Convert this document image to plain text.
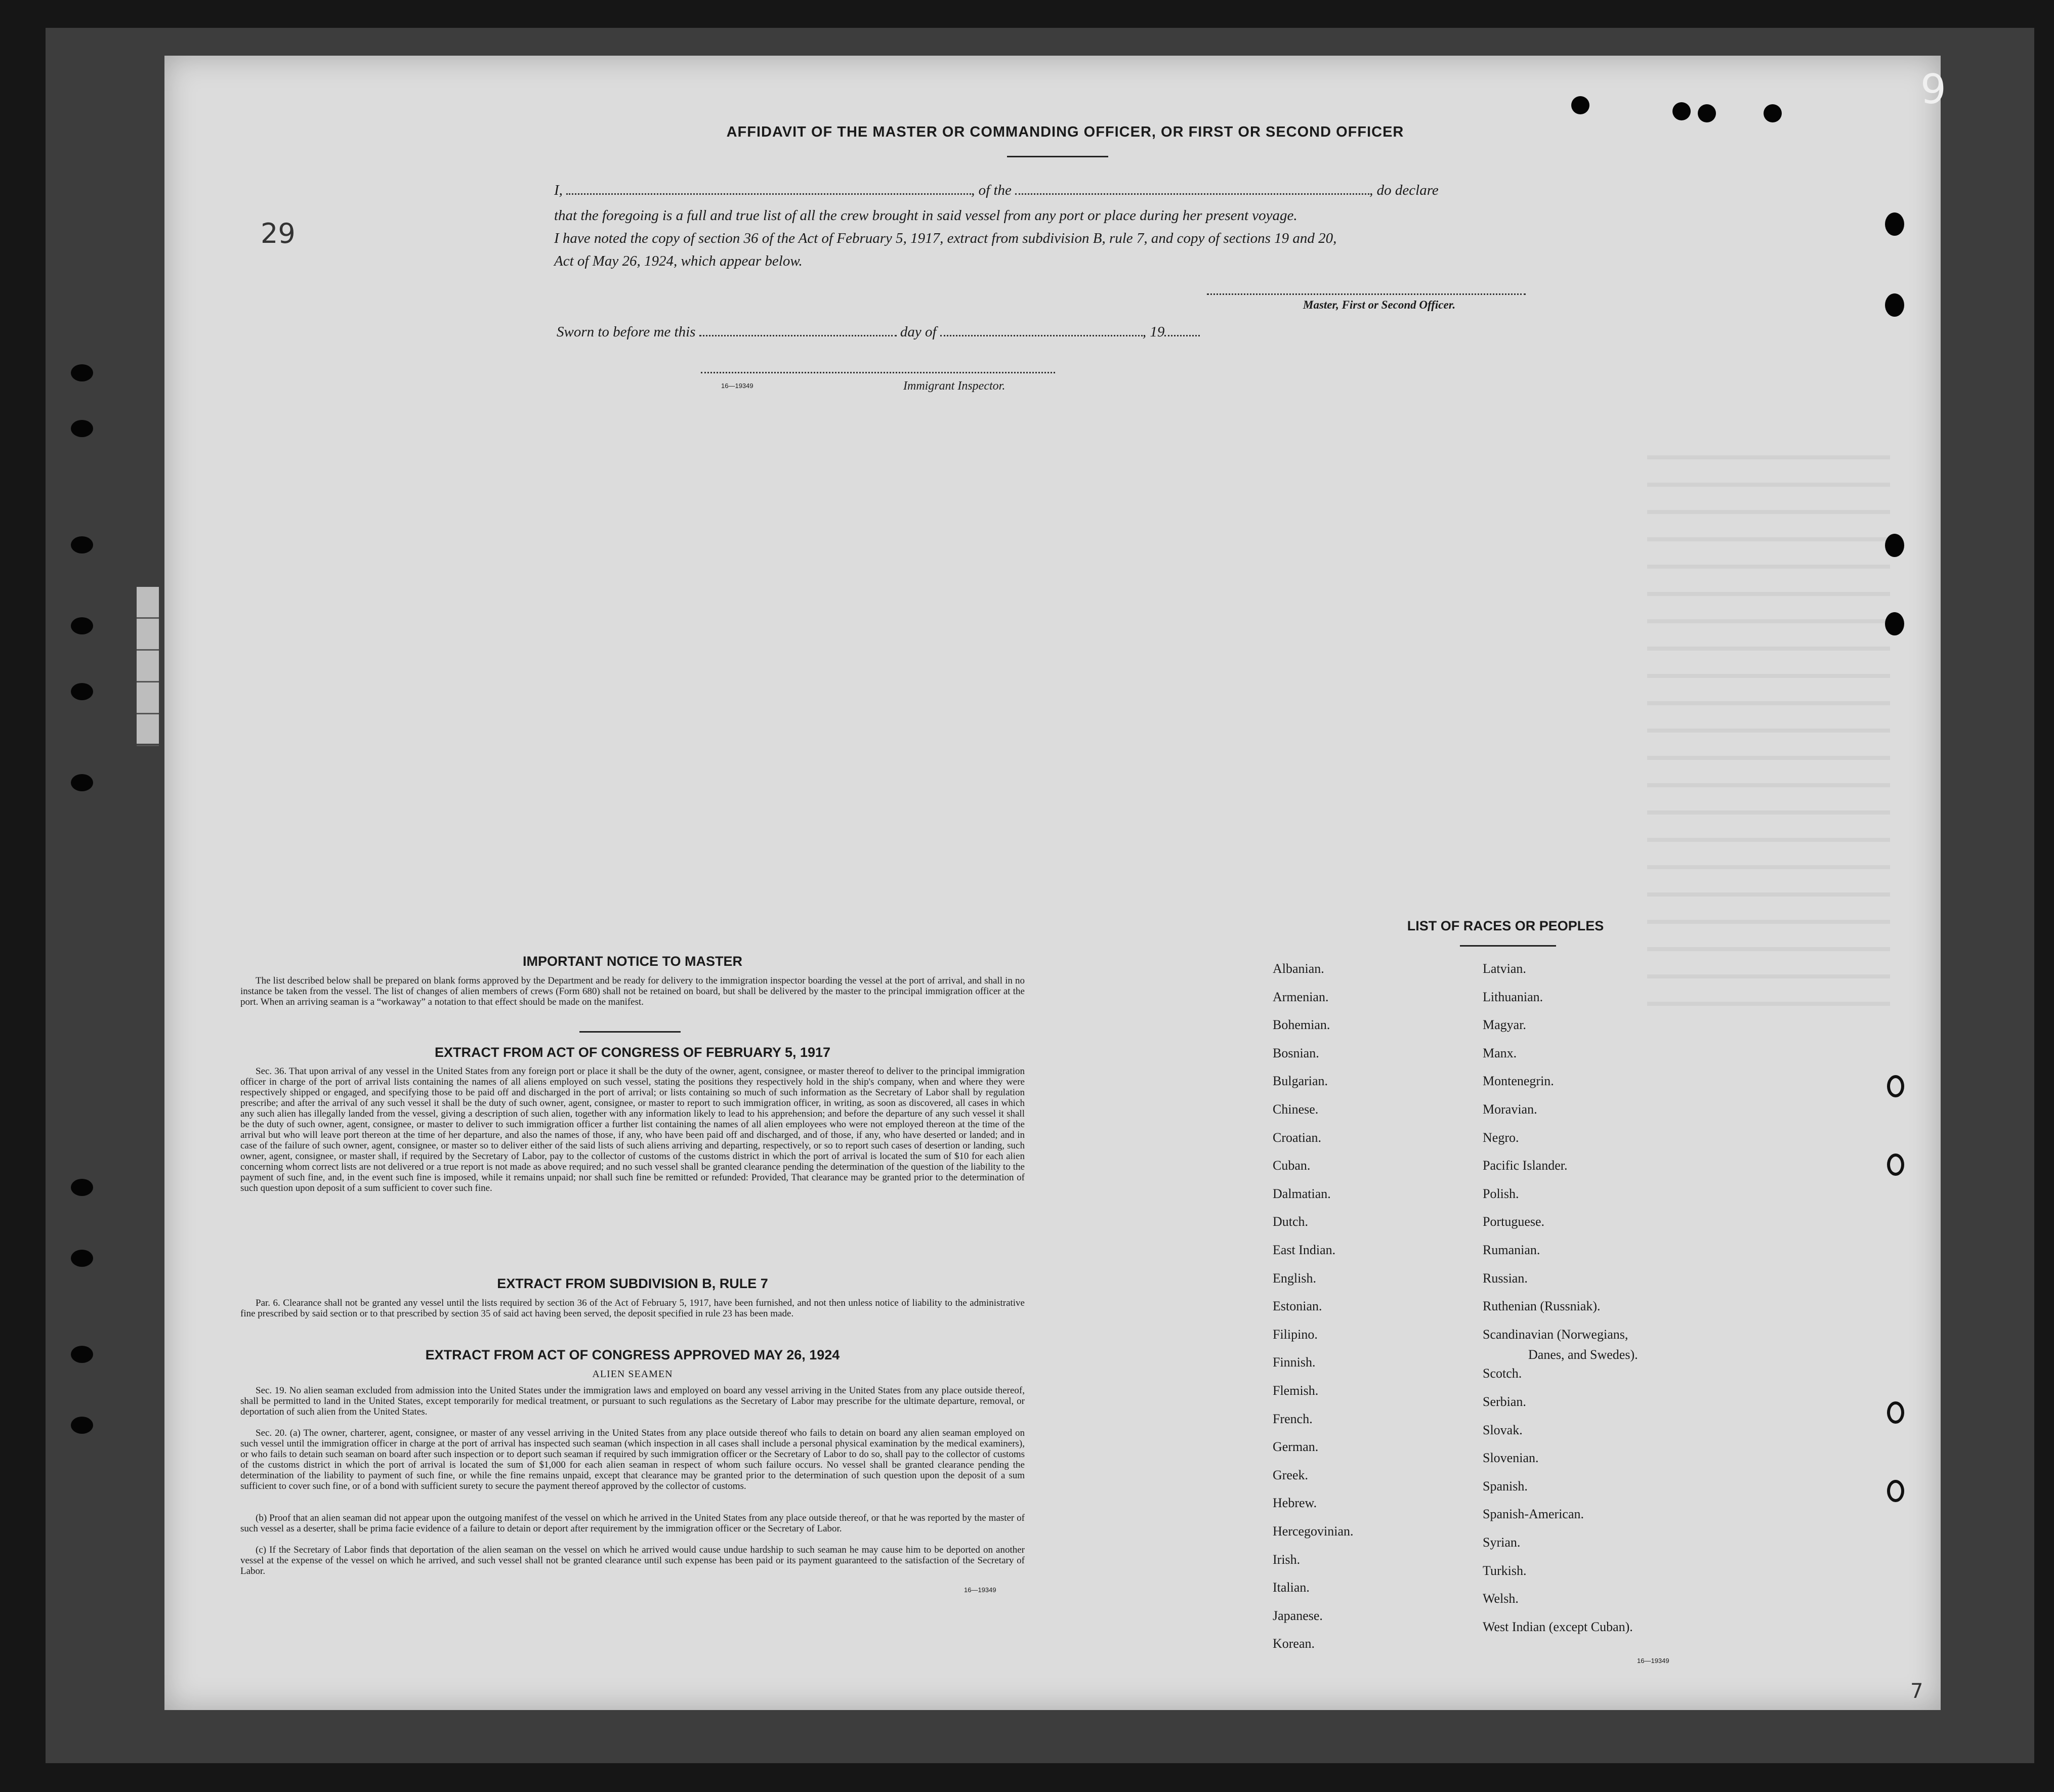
29
9
7
AFFIDAVIT OF THE MASTER OR COMMANDING OFFICER, OR FIRST OR SECOND OFFICER
I,	, of the	, do declare
that the foregoing is a full and true list of all the crew brought in said vessel from any port or place during her present voyage.
I have noted the copy of section 36 of the Act of February 5, 1917, extract from subdivision B, rule 7, and copy of sections 19 and 20,
Act of May 26, 1924, which appear below.
Master, First or Second Officer.
Sworn to before me this	day of	, 19
16—19349	Immigrant Inspector.
IMPORTANT NOTICE TO MASTER
The list described below shall be prepared on blank forms approved by the Department and be ready for delivery to the immigration inspector boarding the vessel at the port of arrival, and shall in no instance be taken from the vessel. The list of changes of alien members of crews (Form 680) shall not be retained on board, but shall be delivered by the master to the principal immigration officer at the port. When an arriving seaman is a “workaway” a notation to that effect should be made on the manifest.
EXTRACT FROM ACT OF CONGRESS OF FEBRUARY 5, 1917
Sec. 36. That upon arrival of any vessel in the United States from any foreign port or place it shall be the duty of the owner, agent, consignee, or master thereof to deliver to the principal immigration officer in charge of the port of arrival lists containing the names of all aliens employed on such vessel, stating the positions they respectively hold in the ship's company, when and where they were respectively shipped or engaged, and specifying those to be paid off and discharged in the port of arrival; or lists containing so much of such information as the Secretary of Labor shall by regulation prescribe; and after the arrival of any such vessel it shall be the duty of such owner, agent, consignee, or master to report to such immigration officer, in writing, as soon as discovered, all cases in which any such alien has illegally landed from the vessel, giving a description of such alien, together with any information likely to lead to his apprehension; and before the departure of any such vessel it shall be the duty of such owner, agent, consignee, or master to deliver to such immigration officer a further list containing the names of all alien employees who were not employed thereon at the time of the arrival but who will leave port thereon at the time of her departure, and also the names of those, if any, who have been paid off and discharged, and of those, if any, who have deserted or landed; and in case of the failure of such owner, agent, consignee, or master so to deliver either of the said lists of such aliens arriving and departing, respectively, or so to report such cases of desertion or landing, such owner, agent, consignee, or master shall, if required by the Secretary of Labor, pay to the collector of customs of the customs district in which the port of arrival is located the sum of $10 for each alien concerning whom correct lists are not delivered or a true report is not made as above required; and no such vessel shall be granted clearance pending the determination of the question of the liability to the payment of such fine, and, in the event such fine is imposed, while it remains unpaid; nor shall such fine be remitted or refunded: Provided, That clearance may be granted prior to the determination of such question upon deposit of a sum sufficient to cover such fine.
EXTRACT FROM SUBDIVISION B, RULE 7
Par. 6. Clearance shall not be granted any vessel until the lists required by section 36 of the Act of February 5, 1917, have been furnished, and not then unless notice of liability to the administrative fine prescribed by said section or to that prescribed by section 35 of said act having been served, the deposit specified in rule 23 has been made.
EXTRACT FROM ACT OF CONGRESS APPROVED MAY 26, 1924
ALIEN SEAMEN
Sec. 19. No alien seaman excluded from admission into the United States under the immigration laws and employed on board any vessel arriving in the United States from any place outside thereof, shall be permitted to land in the United States, except temporarily for medical treatment, or pursuant to such regulations as the Secretary of Labor may prescribe for the ultimate departure, removal, or deportation of such alien from the United States.
Sec. 20. (a) The owner, charterer, agent, consignee, or master of any vessel arriving in the United States from any place outside thereof who fails to detain on board any alien seaman employed on such vessel until the immigration officer in charge at the port of arrival has inspected such seaman (which inspection in all cases shall include a personal physical examination by the medical examiners), or who fails to detain such seaman on board after such inspection or to deport such seaman if required by such immigration officer or the Secretary of Labor to do so, shall pay to the collector of customs of the customs district in which the port of arrival is located the sum of $1,000 for each alien seaman in respect of whom such failure occurs. No vessel shall be granted clearance pending the determination of the liability to payment of such fine, or while the fine remains unpaid, except that clearance may be granted prior to the determination of such question upon the deposit of a sum sufficient to cover such fine, or of a bond with sufficient surety to secure the payment thereof approved by the collector of customs.
(b) Proof that an alien seaman did not appear upon the outgoing manifest of the vessel on which he arrived in the United States from any place outside thereof, or that he was reported by the master of such vessel as a deserter, shall be prima facie evidence of a failure to detain or deport after requirement by the immigration officer or the Secretary of Labor.
(c) If the Secretary of Labor finds that deportation of the alien seaman on the vessel on which he arrived would cause undue hardship to such seaman he may cause him to be deported on another vessel at the expense of the vessel on which he arrived, and such vessel shall not be granted clearance until such expense has been paid or its payment guaranteed to the satisfaction of the Secretary of Labor.
16—19349
LIST OF RACES OR PEOPLES
Albanian.
Armenian.
Bohemian.
Bosnian.
Bulgarian.
Chinese.
Croatian.
Cuban.
Dalmatian.
Dutch.
East Indian.
English.
Estonian.
Filipino.
Finnish.
Flemish.
French.
German.
Greek.
Hebrew.
Hercegovinian.
Irish.
Italian.
Japanese.
Korean.
Latvian.
Lithuanian.
Magyar.
Manx.
Montenegrin.
Moravian.
Negro.
Pacific Islander.
Polish.
Portuguese.
Rumanian.
Russian.
Ruthenian (Russniak).
Scandinavian (Norwegians,
Scotch.
Serbian.
Slovak.
Slovenian.
Spanish.
Spanish-American.
Syrian.
Turkish.
Welsh.
West Indian (except Cuban).
Danes, and Swedes).
16—19349
